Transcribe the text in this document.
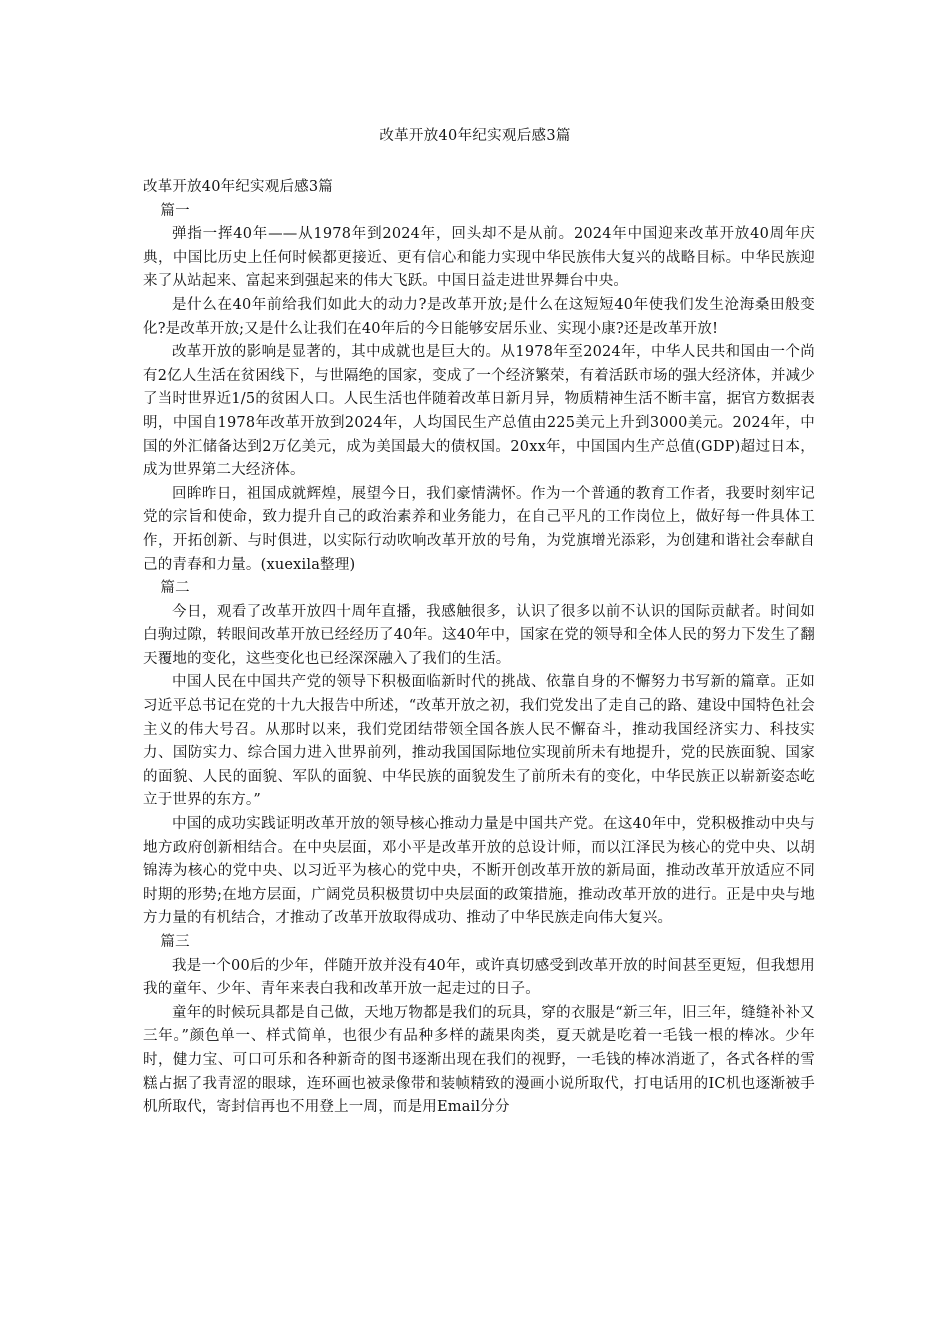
改革开放40年纪实观后感3篇

改革开放40年纪实观后感3篇

篇一

弹指一挥40年——从1978年到2024年，回头却不是从前。2024年中国迎来改革开放40周年庆典，中国比历史上任何时候都更接近、更有信心和能力实现中华民族伟大复兴的战略目标。中华民族迎来了从站起来、富起来到强起来的伟大飞跃。中国日益走进世界舞台中央。

是什么在40年前给我们如此大的动力?是改革开放;是什么在这短短40年使我们发生沧海桑田般变化?是改革开放;又是什么让我们在40年后的今日能够安居乐业、实现小康?还是改革开放!

改革开放的影响是显著的，其中成就也是巨大的。从1978年至2024年，中华人民共和国由一个尚有2亿人生活在贫困线下，与世隔绝的国家，变成了一个经济繁荣，有着活跃市场的强大经济体，并减少了当时世界近1/5的贫困人口。人民生活也伴随着改革日新月异，物质精神生活不断丰富，据官方数据表明，中国自1978年改革开放到2024年，人均国民生产总值由225美元上升到3000美元。2024年，中国的外汇储备达到2万亿美元，成为美国最大的债权国。20xx年，中国国内生产总值(GDP)超过日本，成为世界第二大经济体。

回眸昨日，祖国成就辉煌，展望今日，我们豪情满怀。作为一个普通的教育工作者，我要时刻牢记党的宗旨和使命，致力提升自己的政治素养和业务能力，在自己平凡的工作岗位上，做好每一件具体工作，开拓创新、与时俱进，以实际行动吹响改革开放的号角，为党旗增光添彩，为创建和谐社会奉献自己的青春和力量。(xuexila整理)

篇二

今日，观看了改革开放四十周年直播，我感触很多，认识了很多以前不认识的国际贡献者。时间如白驹过隙，转眼间改革开放已经经历了40年。这40年中，国家在党的领导和全体人民的努力下发生了翻天覆地的变化，这些变化也已经深深融入了我们的生活。

中国人民在中国共产党的领导下积极面临新时代的挑战、依靠自身的不懈努力书写新的篇章。正如习近平总书记在党的十九大报告中所述，“改革开放之初，我们党发出了走自己的路、建设中国特色社会主义的伟大号召。从那时以来，我们党团结带领全国各族人民不懈奋斗，推动我国经济实力、科技实力、国防实力、综合国力进入世界前列，推动我国国际地位实现前所未有地提升，党的民族面貌、国家的面貌、人民的面貌、军队的面貌、中华民族的面貌发生了前所未有的变化，中华民族正以崭新姿态屹立于世界的东方。”

中国的成功实践证明改革开放的领导核心推动力量是中国共产党。在这40年中，党积极推动中央与地方政府创新相结合。在中央层面，邓小平是改革开放的总设计师，而以江泽民为核心的党中央、以胡锦涛为核心的党中央、以习近平为核心的党中央，不断开创改革开放的新局面，推动改革开放适应不同时期的形势;在地方层面，广阔党员积极贯切中央层面的政策措施，推动改革开放的进行。正是中央与地方力量的有机结合，才推动了改革开放取得成功、推动了中华民族走向伟大复兴。

篇三

我是一个00后的少年，伴随开放并没有40年，或许真切感受到改革开放的时间甚至更短，但我想用我的童年、少年、青年来表白我和改革开放一起走过的日子。

童年的时候玩具都是自己做，天地万物都是我们的玩具，穿的衣服是“新三年，旧三年，缝缝补补又三年。”颜色单一、样式简单，也很少有品种多样的蔬果肉类，夏天就是吃着一毛钱一根的棒冰。少年时，健力宝、可口可乐和各种新奇的图书逐渐出现在我们的视野，一毛钱的棒冰消逝了，各式各样的雪糕占据了我青涩的眼球，连环画也被录像带和装帧精致的漫画小说所取代，打电话用的IC机也逐渐被手机所取代，寄封信再也不用登上一周，而是用Email分分
